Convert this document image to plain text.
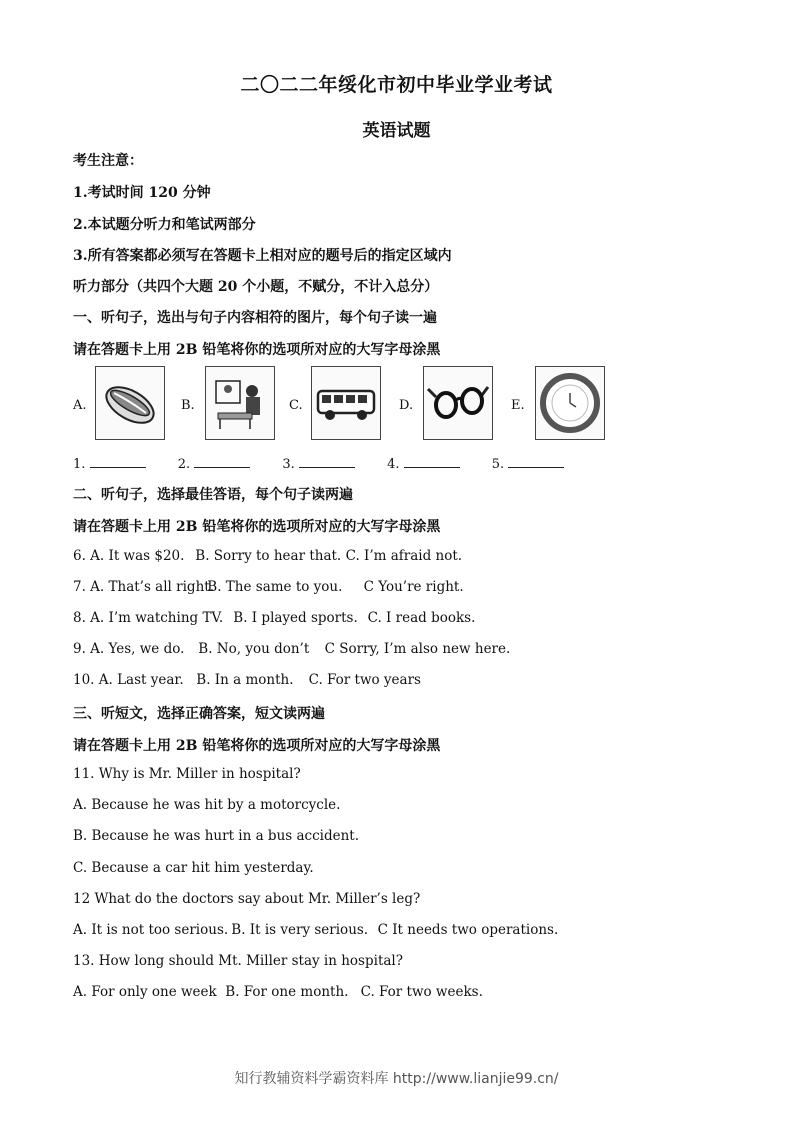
二〇二二年绥化市初中毕业学业考试
英语试题
考生注意：
1.考试时间 120 分钟
2.本试题分听力和笔试两部分
3.所有答案都必须写在答题卡上相对应的题号后的指定区域内
听力部分（共四个大题 20 个小题，不赋分，不计入总分）
一、听句子，选出与句子内容相符的图片，每个句子读一遍
请在答题卡上用 2B 铅笔将你的选项所对应的大写字母涂黑
A.	B.	C.	D.	E.
1.	2.	3.	4.	5.
二、听句子，选择最佳答语，每个句子读两遍
请在答题卡上用 2B 铅笔将你的选项所对应的大写字母涂黑
6. A. It was $20. B. Sorry to hear that. C. I’m afraid not.
7. A. That’s all right. B. The same to you. C You’re right.
8. A. I’m watching TV. B. I played sports. C. I read books.
9. A. Yes, we do. B. No, you don’t C Sorry, I’m also new here.
10. A. Last year. B. In a month. C. For two years
三、听短文，选择正确答案，短文读两遍
请在答题卡上用 2B 铅笔将你的选项所对应的大写字母涂黑
11. Why is Mr. Miller in hospital?
A. Because he was hit by a motorcycle.
B. Because he was hurt in a bus accident.
C. Because a car hit him yesterday.
12 What do the doctors say about Mr. Miller’s leg?
A. It is not too serious. B. It is very serious. C It needs two operations.
13. How long should Mt. Miller stay in hospital?
A. For only one week B. For one month. C. For two weeks.
知行教辅资料学霸资料库 http://www.lianjie99.cn/
